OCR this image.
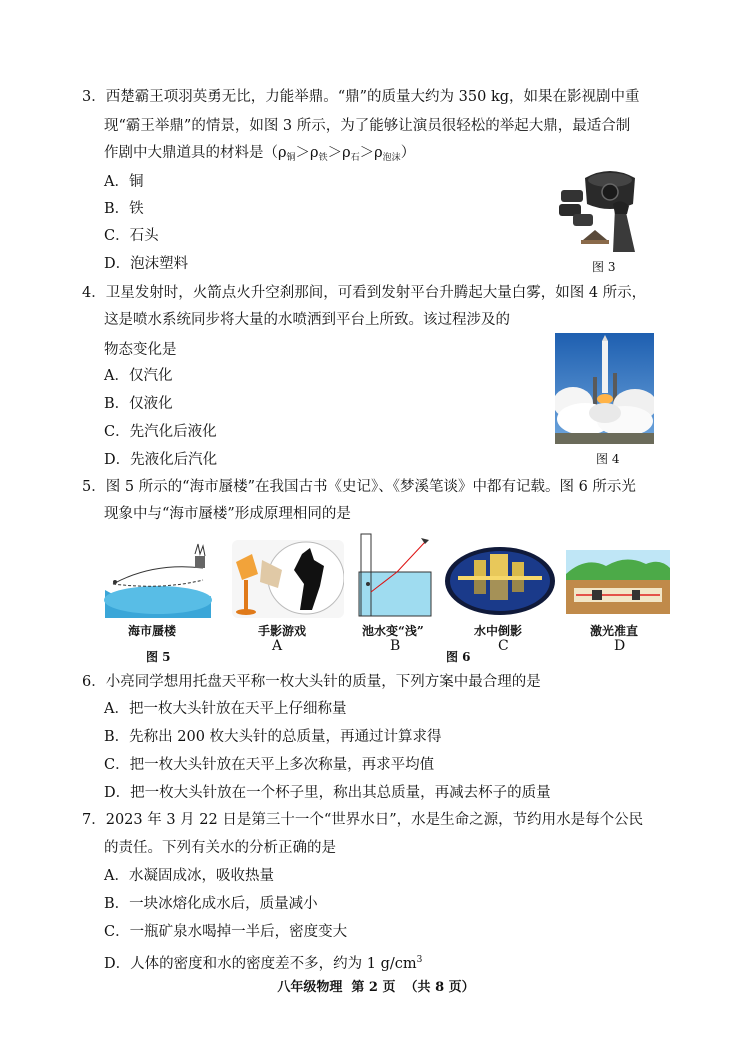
3．西楚霸王项羽英勇无比，力能举鼎。“鼎”的质量大约为 350 kg，如果在影视剧中重
现“霸王举鼎”的情景，如图 3 所示，为了能够让演员很轻松的举起大鼎，最适合制
作剧中大鼎道具的材料是$(\rho_铜>\rho_铁>\rho_石>\rho_{泡沫})$
A．铜
B．铁
C．石头
D．泡沫塑料	图 3
4．卫星发射时，火箭点火升空刹那间，可看到发射平台升腾起大量白雾，如图 4 所示，
这是喷水系统同步将大量的水喷洒到平台上所致。该过程涉及的
物态变化是
A．仅汽化
B．仅液化
C．先汽化后液化
D．先液化后汽化	图 4
5．图 5 所示的“海市蜃楼”在我国古书《史记》、《梦溪笔谈》中都有记载。图 6 所示光
现象中与“海市蜃楼”形成原理相同的是
海市蜃楼
图 5
手影游戏
A
池水变“浅”
B
水中倒影
C
激光准直
D
图 6
6．小亮同学想用托盘天平称一枚大头针的质量，下列方案中最合理的是
A．把一枚大头针放在天平上仔细称量
B．先称出 200 枚大头针的总质量，再通过计算求得
C．把一枚大头针放在天平上多次称量，再求平均值
D．把一枚大头针放在一个杯子里，称出其总质量，再减去杯子的质量
7．2023 年 3 月 22 日是第三十一个“世界水日”，水是生命之源，节约用水是每个公民
的责任。下列有关水的分析正确的是
A．水凝固成冰，吸收热量
B．一块冰熔化成水后，质量减小
C．一瓶矿泉水喝掉一半后，密度变大
D．人体的密度和水的密度差不多，约为 1 $g/cm^3$
八年级物理  第 2 页  （共 8 页）
